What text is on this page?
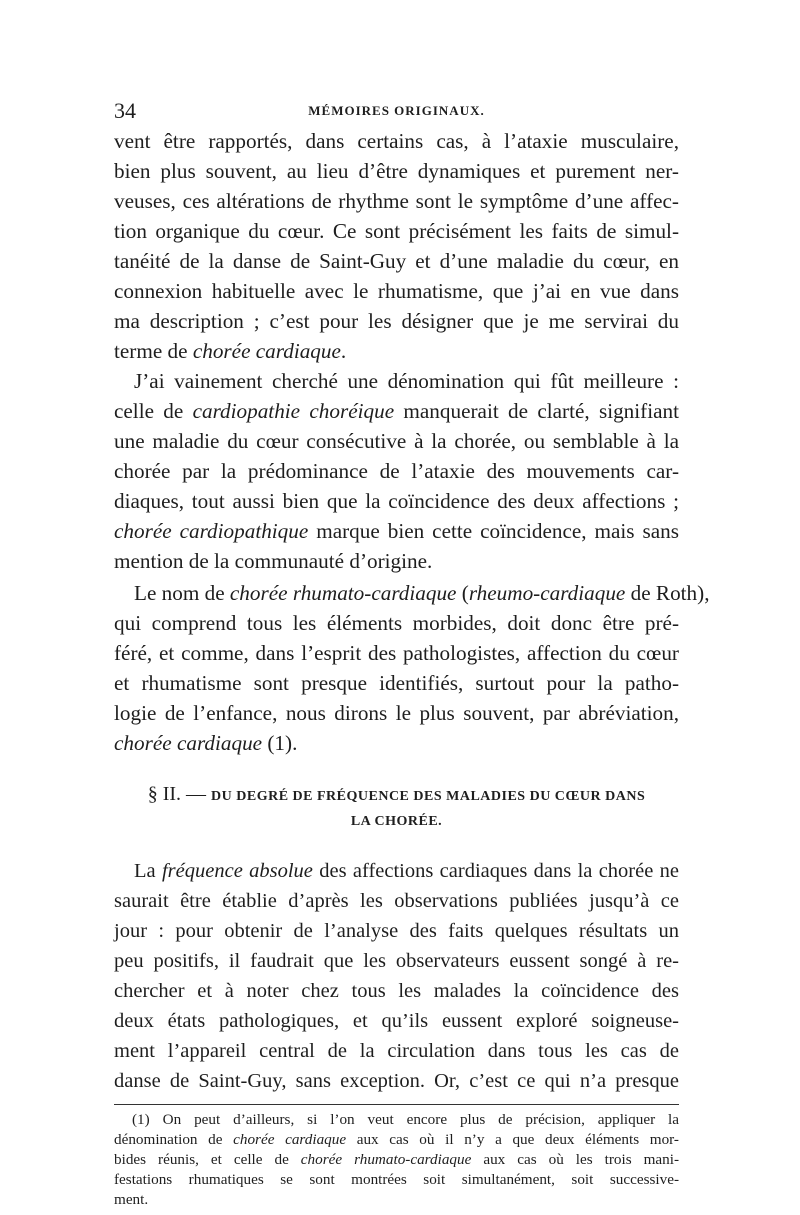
34	MÉMOIRES ORIGINAUX.
vent être rapportés, dans certains cas, à l’ataxie musculaire,
bien plus souvent, au lieu d’être dynamiques et purement ner-
veuses, ces altérations de rhythme sont le symptôme d’une affec-
tion organique du cœur. Ce sont précisément les faits de simul-
tanéité de la danse de Saint-Guy et d’une maladie du cœur, en
connexion habituelle avec le rhumatisme, que j’ai en vue dans
ma description ; c’est pour les désigner que je me servirai du
terme de chorée cardiaque.
J’ai vainement cherché une dénomination qui fût meilleure :
celle de cardiopathie choréique manquerait de clarté, signifiant
une maladie du cœur consécutive à la chorée, ou semblable à la
chorée par la prédominance de l’ataxie des mouvements car-
diaques, tout aussi bien que la coïncidence des deux affections ;
chorée cardiopathique marque bien cette coïncidence, mais sans
mention de la communauté d’origine.
Le nom de chorée rhumato-cardiaque (rheumo-cardiaque de Roth),
qui comprend tous les éléments morbides, doit donc être pré-
féré, et comme, dans l’esprit des pathologistes, affection du cœur
et rhumatisme sont presque identifiés, surtout pour la patho-
logie de l’enfance, nous dirons le plus souvent, par abréviation,
chorée cardiaque (1).
§ II. — DU DEGRÉ DE FRÉQUENCE DES MALADIES DU CŒUR DANS
LA CHORÉE.
La fréquence absolue des affections cardiaques dans la chorée ne
saurait être établie d’après les observations publiées jusqu’à ce
jour : pour obtenir de l’analyse des faits quelques résultats un
peu positifs, il faudrait que les observateurs eussent songé à re-
chercher et à noter chez tous les malades la coïncidence des
deux états pathologiques, et qu’ils eussent exploré soigneuse-
ment l’appareil central de la circulation dans tous les cas de
danse de Saint-Guy, sans exception. Or, c’est ce qui n’a presque
(1) On peut d’ailleurs, si l’on veut encore plus de précision, appliquer la
dénomination de chorée cardiaque aux cas où il n’y a que deux éléments mor-
bides réunis, et celle de chorée rhumato-cardiaque aux cas où les trois mani-
festations rhumatiques se sont montrées soit simultanément, soit successive-
ment.
